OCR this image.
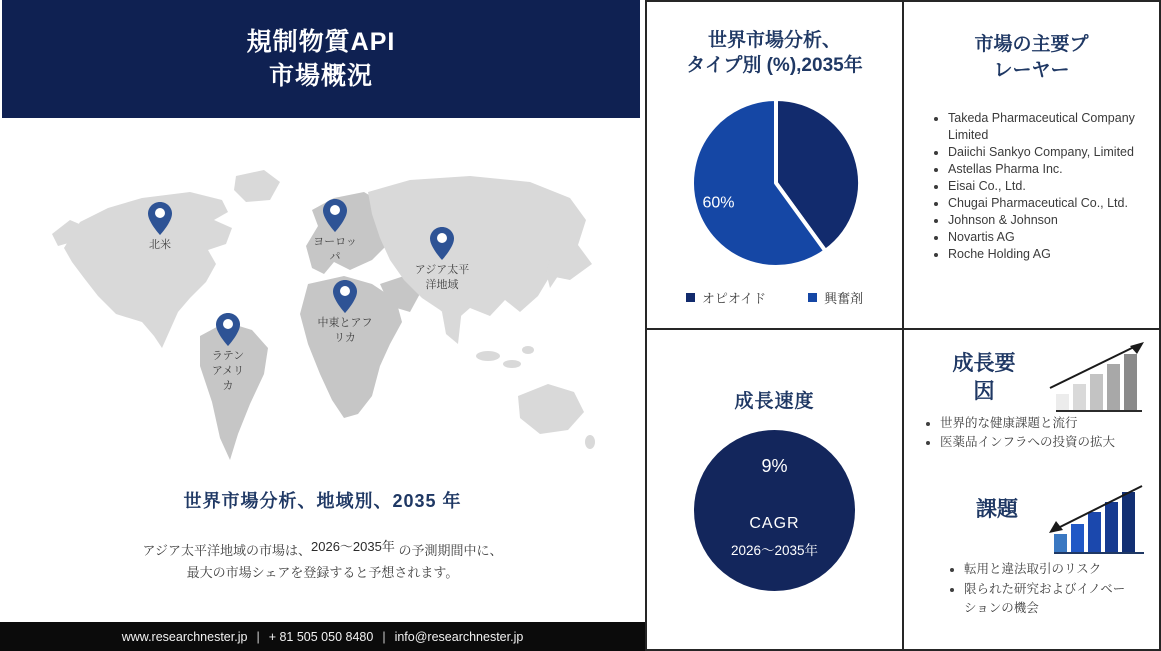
規制物質API
市場概況
北米	ヨーロッ
パ
アジア太平
洋地域
中東とアフ
リカ
ラテン
アメリ
カ
世界市場分析、地域別、2035 年
アジア太平洋地域の市場は、2026～2035年 の予測期間中に、
最大の市場シェアを登録すると予想されます。
www.researchnester.jp | + 81 505 050 8480 | info@researchnester.jp
世界市場分析、
タイプ別 (%),2035年
60%
オピオイド	興奮剤
市場の主要プ
レーヤー
• Takeda Pharmaceutical Company Limited
• Daiichi Sankyo Company, Limited
• Astellas Pharma Inc.
• Eisai Co., Ltd.
• Chugai Pharmaceutical Co., Ltd.
• Johnson & Johnson
• Novartis AG
• Roche Holding AG
成長速度
9%
CAGR
2026～2035年
成長要
因
• 世界的な健康課題と流行
• 医薬品インフラへの投資の拡大
課題
• 転用と違法取引のリスク
• 限られた研究およびイノベーションの機会
